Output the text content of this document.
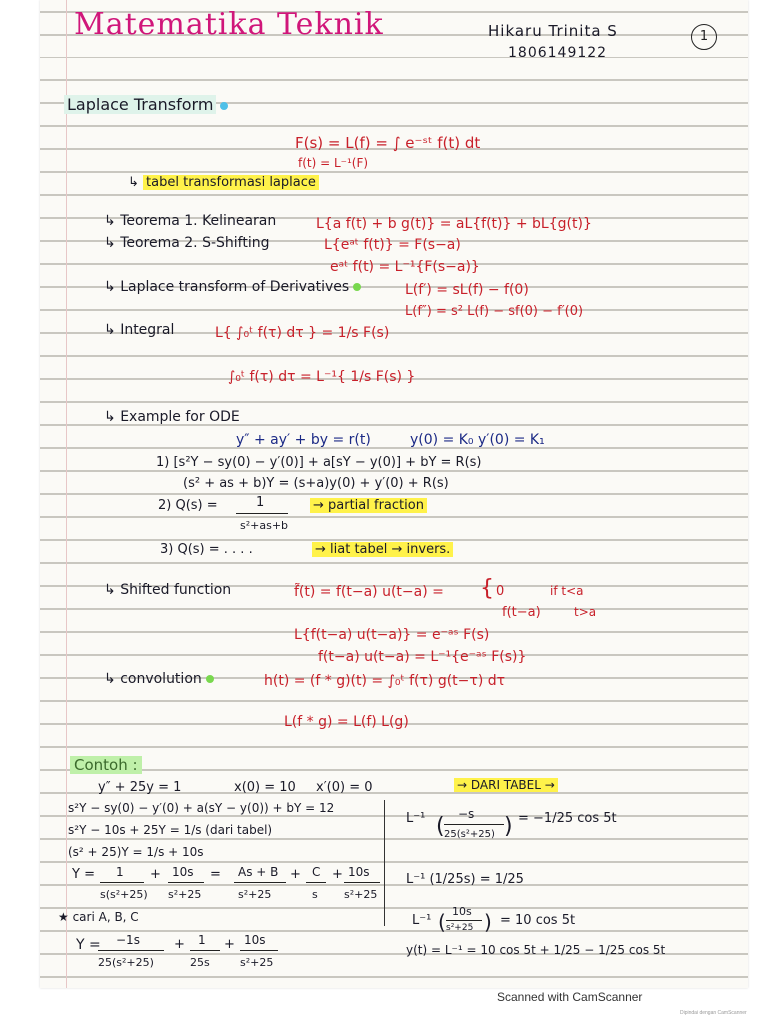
Matematika Teknik	Hikaru Trinita S
1806149122
1
Laplace Transform
F(s) = L(f) = ∫ e⁻ˢᵗ f(t) dt
f(t) = L⁻¹(F)
↳ tabel transformasi laplace
↳ Teorema 1. Kelinearan	L{a f(t) + b g(t)} = aL{f(t)} + bL{g(t)}
↳ Teorema 2. S-Shifting	L{eᵃᵗ f(t)} = F(s−a)
eᵃᵗ f(t) = L⁻¹{F(s−a)}
↳ Laplace transform of Derivatives	L(f′) = sL(f) − f(0)
L(f″) = s² L(f) − sf(0) − f′(0)
↳ Integral	L{ ∫₀ᵗ f(τ) dτ } = 1/s F(s)
∫₀ᵗ f(τ) dτ = L⁻¹{ 1/s F(s) }
↳ Example for ODE
y″ + ay′ + by = r(t)	y(0) = K₀ y′(0) = K₁
1) [s²Y − sy(0) − y′(0)] + a[sY − y(0)] + bY = R(s)
(s² + as + b)Y = (s+a)y(0) + y′(0) + R(s)
2) Q(s) =	1
s²+as+b
→ partial fraction
3) Q(s) = . . . .	→ liat tabel → invers.
↳ Shifted function	f̃(t) = f(t−a) u(t−a) = { 0	if t<a
f(t−a)	t>a
L{f(t−a) u(t−a)} = e⁻ᵃˢ F(s)
f(t−a) u(t−a) = L⁻¹{e⁻ᵃˢ F(s)}
↳ convolution	h(t) = (f * g)(t) = ∫₀ᵗ f(τ) g(t−τ) dτ
L(f * g) = L(f) L(g)
Contoh :
y″ + 25y = 1	x(0) = 10 x′(0) = 0	→ DARI TABEL →
s²Y − sy(0) − y′(0) + a(sY − y(0)) + bY = 12
s²Y − 10s + 25Y = 1/s (dari tabel)
(s² + 25)Y = 1/s + 10s
Y = 1
s(s²+25)
+ 10s
s²+25
= As + B
s²+25
+ C
s
+ 10s
s²+25
★ cari A, B, C
Y = −1s
25(s²+25)
+ 1
25s
+ 10s
s²+25
L⁻¹ ( −s
25(s²+25) ) = −1/25 cos 5t
L⁻¹ (1/25s) = 1/25
L⁻¹ ( 10s
s²+25 ) = 10 cos 5t
y(t) = L⁻¹ = 10 cos 5t + 1/25 − 1/25 cos 5t
Scanned with CamScanner
Dipindai dengan CamScanner
